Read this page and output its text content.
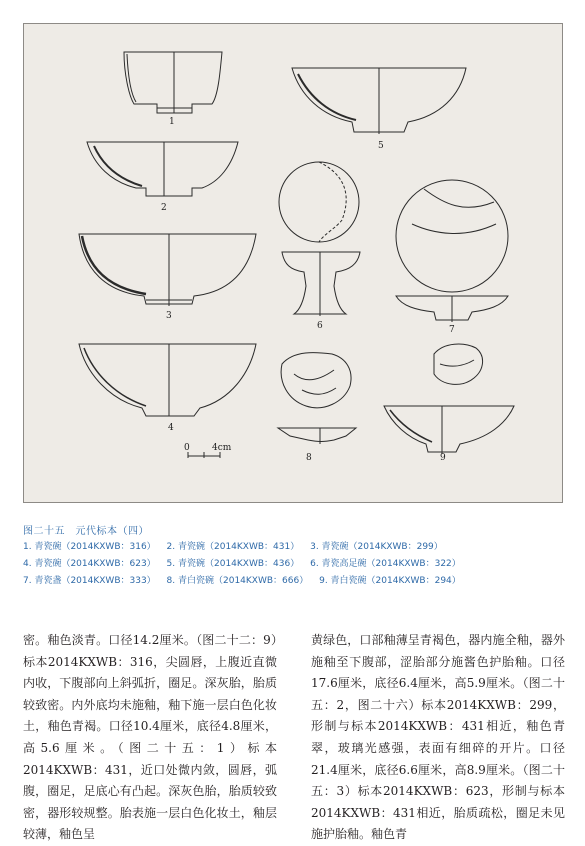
1
2
3
4
5
6	7
8	9
0 4cm
图二十五　元代标本（四）
1. 青瓷碗（2014KXWB：316） 2. 青瓷碗（2014KXWB：431） 3. 青瓷碗（2014KXWB：299） 4. 青瓷碗（2014KXWB：623） 5. 青瓷碗（2014KXWB：436） 6. 青瓷高足碗（2014KXWB：322） 7. 青瓷盏（2014KXWB：333） 8. 青白瓷碗（2014KXWB：666） 9. 青白瓷碗（2014KXWB：294）

密。釉色淡青。口径14.2厘米。（图二十二：9）标本2014KXWB：316，尖圆唇，上腹近直微内收，下腹部向上斜弧折，圈足。深灰胎，胎质较致密。内外底均未施釉，釉下施一层白色化妆土，釉色青褐。口径10.4厘米，底径4.8厘米，高5.6厘米。（图二十五：1）标本2014KXWB：431，近口处微内敛，圆唇，弧腹，圈足，足底心有凸起。深灰色胎，胎质较致密，器形较规整。胎表施一层白色化妆土，釉层较薄，釉色呈

黄绿色，口部釉薄呈青褐色，器内施全釉，器外施釉至下腹部，涩胎部分施酱色护胎釉。口径17.6厘米，底径6.4厘米，高5.9厘米。（图二十五：2，图二十六）标本2014KXWB：299，形制与标本2014KXWB：431相近，釉色青翠，玻璃光感强，表面有细碎的开片。口径21.4厘米，底径6.6厘米，高8.9厘米。（图二十五：3）标本2014KXWB：623，形制与标本2014KXWB：431相近，胎质疏松，圈足未见施护胎釉。釉色青
